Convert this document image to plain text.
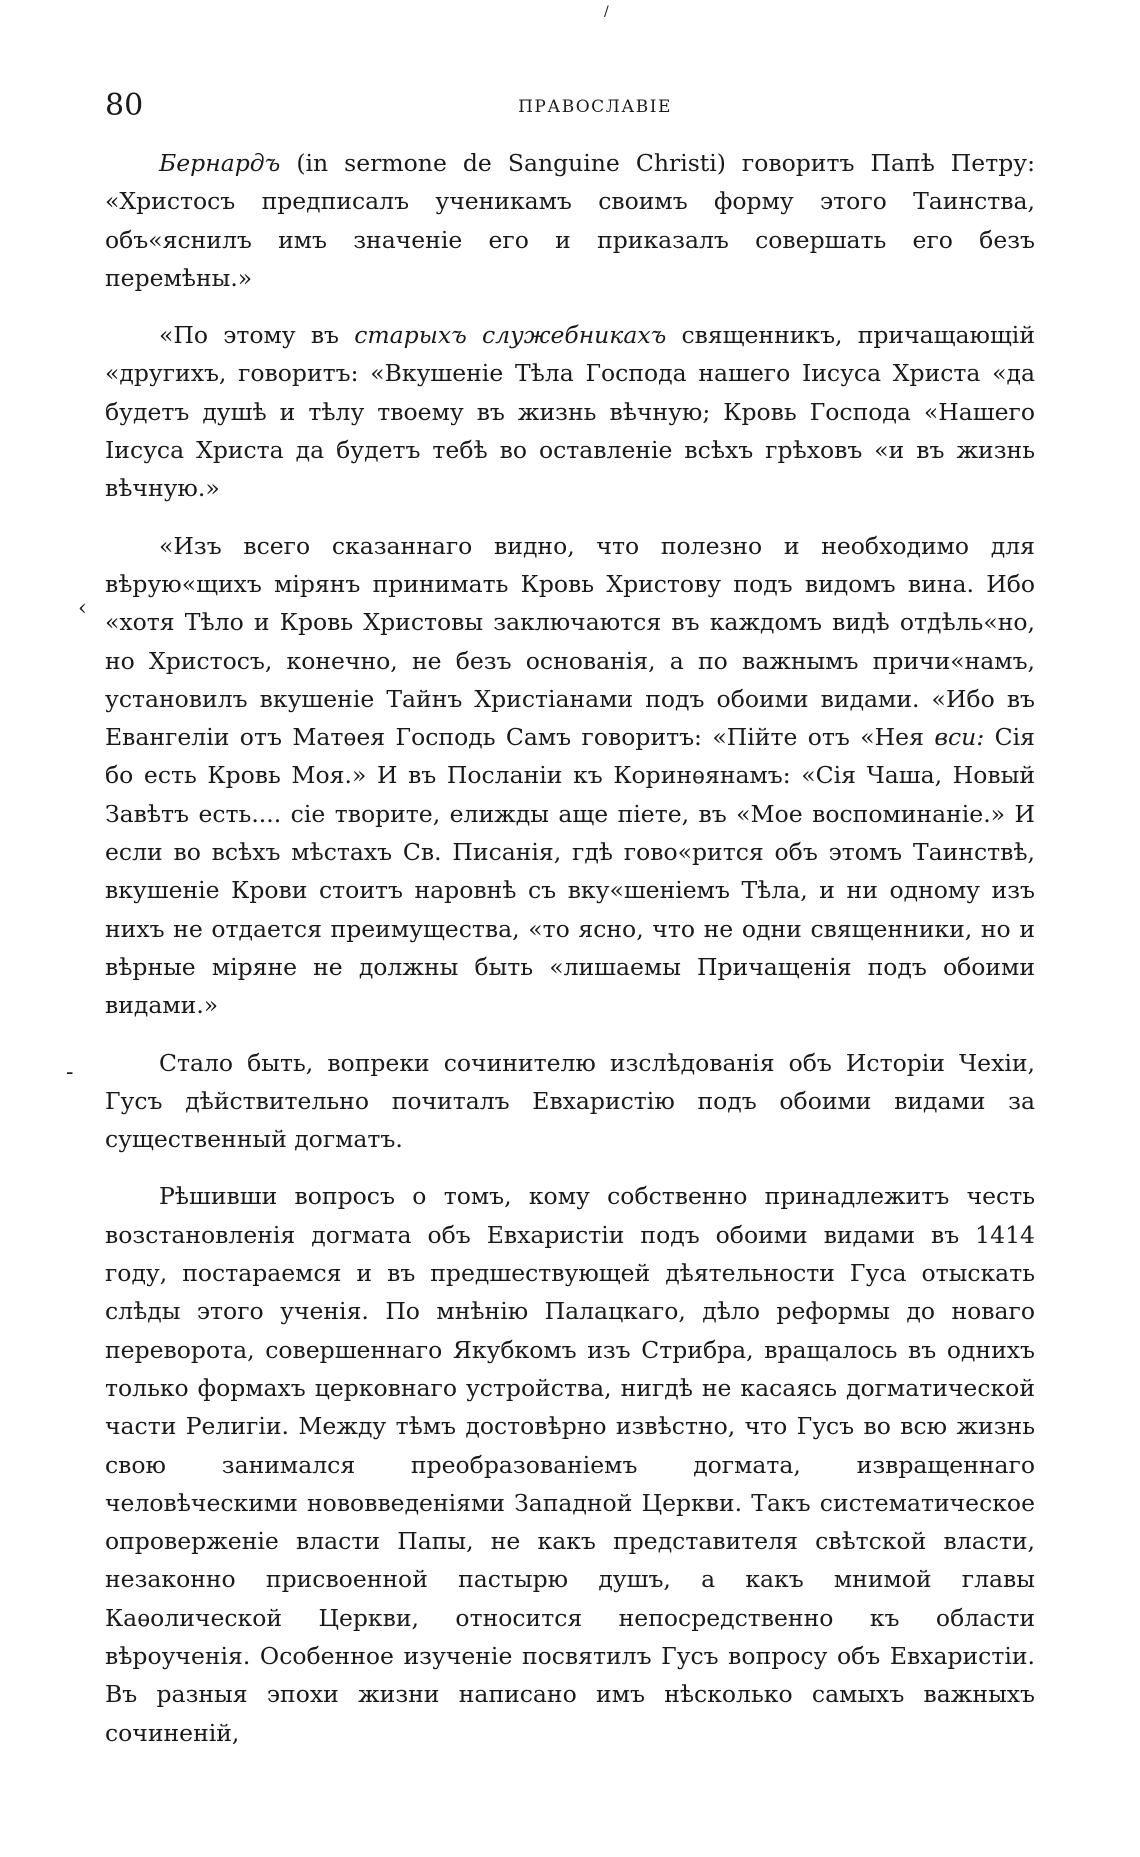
80	ПРАВОСЛАВІЕ
/
‹
-

Бернардъ (in sermone de Sanguine Christi) говоритъ Папѣ Петру: «Христосъ предписалъ ученикамъ своимъ форму этого Таинства, объ«яснилъ имъ значеніе его и приказалъ совершать его безъ перемѣны.»

«По этому въ старыхъ служебникахъ священникъ, причащающій «другихъ, говоритъ: «Вкушеніе Тѣла Господа нашего Іисуса Христа «да будетъ душѣ и тѣлу твоему въ жизнь вѣчную; Кровь Господа «Нашего Іисуса Христа да будетъ тебѣ во оставленіе всѣхъ грѣховъ «и въ жизнь вѣчную.»

«Изъ всего сказаннаго видно, что полезно и необходимо для вѣрую«щихъ мірянъ принимать Кровь Христову подъ видомъ вина. Ибо «хотя Тѣло и Кровь Христовы заключаются въ каждомъ видѣ отдѣль«но, но Христосъ, конечно, не безъ основанія, а по важнымъ причи«намъ, установилъ вкушеніе Тайнъ Христіанами подъ обоими видами. «Ибо въ Евангеліи отъ Матѳея Господь Самъ говоритъ: «Пійте отъ «Нея вси: Сія бо есть Кровь Моя.» И въ Посланіи къ Коринѳянамъ: «Сія Чаша, Новый Завѣтъ есть.... сіе творите, елижды аще піете, въ «Мое воспоминаніе.» И если во всѣхъ мѣстахъ Св. Писанія, гдѣ гово«рится объ этомъ Таинствѣ, вкушеніе Крови стоитъ наровнѣ съ вку«шеніемъ Тѣла, и ни одному изъ нихъ не отдается преимущества, «то ясно, что не одни священники, но и вѣрные міряне не должны быть «лишаемы Причащенія подъ обоими видами.»

Стало быть, вопреки сочинителю изслѣдованія объ Исторіи Чехіи, Гусъ дѣйствительно почиталъ Евхаристію подъ обоими видами за существенный догматъ.

Рѣшивши вопросъ о томъ, кому собственно принадлежитъ честь возстановленія догмата объ Евхаристіи подъ обоими видами въ 1414 году, постараемся и въ предшествующей дѣятельности Гуса отыскать слѣды этого ученія. По мнѣнію Палацкаго, дѣло реформы до новаго переворота, совершеннаго Якубкомъ изъ Стрибра, вращалось въ однихъ только формахъ церковнаго устройства, нигдѣ не касаясь догматической части Религіи. Между тѣмъ достовѣрно извѣстно, что Гусъ во всю жизнь свою занимался преобразованіемъ догмата, извращеннаго человѣческими нововведеніями Западной Церкви. Такъ систематическое опроверженіе власти Папы, не какъ представителя свѣтской власти, незаконно присвоенной пастырю душъ, а какъ мнимой главы Каѳолической Церкви, относится непосредственно къ области вѣроученія. Особенное изученіе посвятилъ Гусъ вопросу объ Евхаристіи. Въ разныя эпохи жизни написано имъ нѣсколько самыхъ важныхъ сочиненій,
